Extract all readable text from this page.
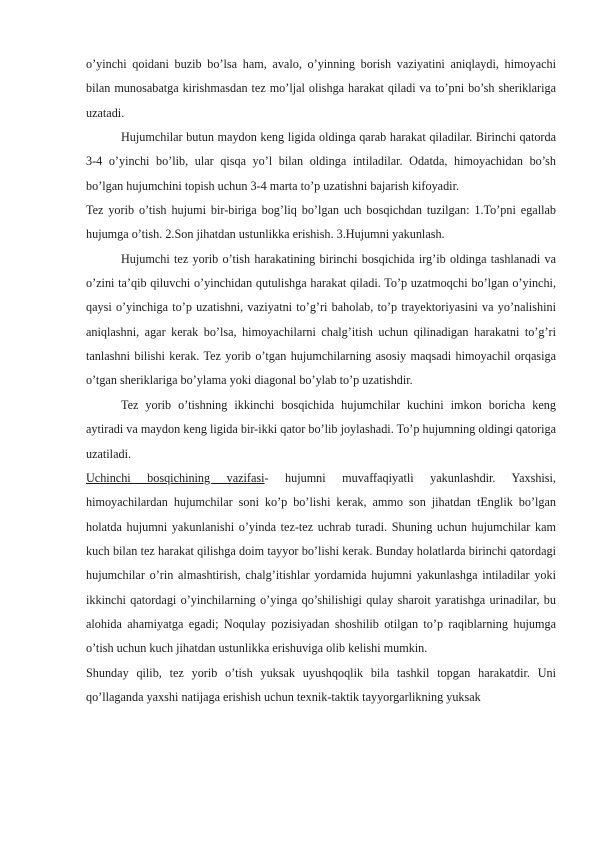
o’yinchi qoidani buzib bo’lsa ham, avalo, o’yinning borish vaziyatini aniqlaydi, himoyachi bilan munosabatga kirishmasdan tez mo’ljal olishga harakat qiladi va to’pni bo’sh sheriklariga uzatadi.

Hujumchilar butun maydon keng ligida oldinga qarab harakat qiladilar. Birinchi qatorda 3-4 o’yinchi bo’lib, ular qisqa yo’l bilan oldinga intiladilar. Odatda, himoyachidan bo’sh bo’lgan hujumchini topish uchun 3-4 marta to’p uzatishni bajarish kifoyadir.

Tez yorib o’tish hujumi bir-biriga bog’liq bo’lgan uch bosqichdan tuzilgan: 1.To’pni egallab hujumga o’tish. 2.Son jihatdan ustunlikka erishish. 3.Hujumni yakunlash.

Hujumchi tez yorib o’tish harakatining birinchi bosqichida irg’ib oldinga tashlanadi va o’zini ta’qib qiluvchi o’yinchidan qutulishga harakat qiladi. To’p uzatmoqchi bo’lgan o’yinchi, qaysi o’yinchiga to’p uzatishni, vaziyatni to’g’ri baholab, to’p trayektoriyasini va yo’nalishini aniqlashni, agar kerak bo’lsa, himoyachilarni chalg’itish uchun qilinadigan harakatni to’g’ri tanlashni bilishi kerak. Tez yorib o’tgan hujumchilarning asosiy maqsadi himoyachil orqasiga o’tgan sheriklariga bo’ylama yoki diagonal bo’ylab to’p uzatishdir.

Tez yorib o’tishning ikkinchi bosqichida hujumchilar kuchini imkon boricha keng aytiradi va maydon keng ligida bir-ikki qator bo’lib joylashadi. To’p hujumning oldingi qatoriga uzatiladi.

Uchinchi bosqichining vazifasi- hujumni muvaffaqiyatli yakunlashdir. Yaxshisi, himoyachilardan hujumchilar soni ko’p bo’lishi kerak, ammo son jihatdan tEnglik bo’lgan holatda hujumni yakunlanishi o’yinda tez-tez uchrab turadi. Shuning uchun hujumchilar kam kuch bilan tez harakat qilishga doim tayyor bo’lishi kerak. Bunday holatlarda birinchi qatordagi hujumchilar o’rin almashtirish, chalg’itishlar yordamida hujumni yakunlashga intiladilar yoki ikkinchi qatordagi o’yinchilarning o’yinga qo’shilishigi qulay sharoit yaratishga urinadilar, bu alohida ahamiyatga egadi; Noqulay pozisiyadan shoshilib otilgan to’p raqiblarning hujumga o’tish uchun kuch jihatdan ustunlikka erishuviga olib kelishi mumkin.

Shunday qilib, tez yorib o’tish yuksak uyushqoqlik bila tashkil topgan harakatdir. Uni qo’llaganda yaxshi natijaga erishish uchun texnik-taktik tayyorgarlikning yuksak
